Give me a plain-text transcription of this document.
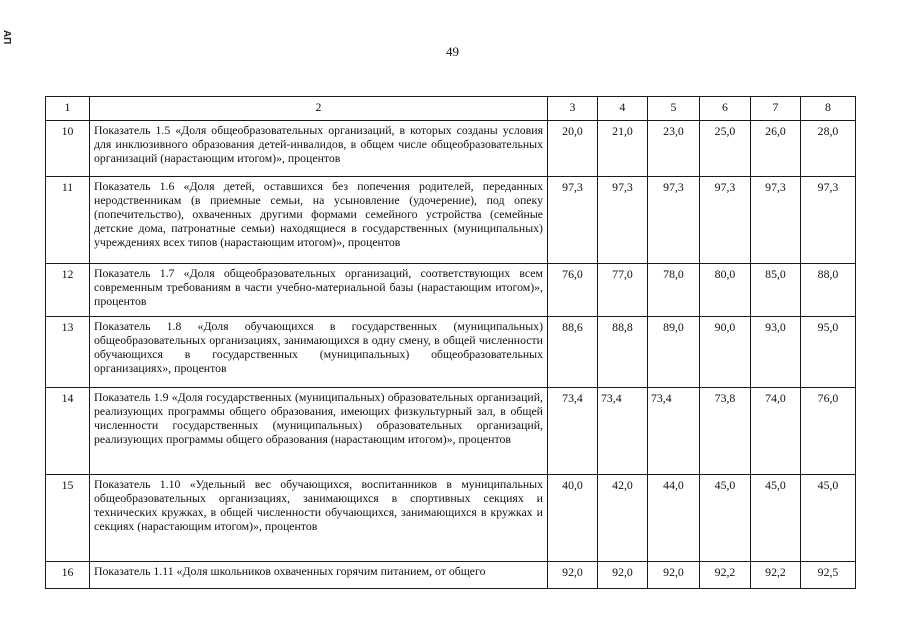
АП
49
1	2	3	4	5	6	7	8
10	Показатель 1.5 «Доля общеобразовательных организаций, в которых созданы условия для инклюзивного образования детей-инвалидов, в общем числе общеобразовательных организаций (нарастающим итогом)», процентов	20,0	21,0	23,0	25,0	26,0	28,0
11	Показатель 1.6 «Доля детей, оставшихся без попечения родителей, переданных неродственникам (в приемные семьи, на усыновление (удочерение), под опеку (попечительство), охваченных другими формами семейного устройства (семейные детские дома, патронатные семьи) находящиеся в государственных (муниципальных) учреждениях всех типов (нарастающим итогом)», процентов	97,3	97,3	97,3	97,3	97,3	97,3
12	Показатель 1.7 «Доля общеобразовательных организаций, соответствующих всем современным требованиям в части учебно-материальной базы (нарастающим итогом)», процентов	76,0	77,0	78,0	80,0	85,0	88,0
13	Показатель 1.8 «Доля обучающихся в государственных (муниципальных) общеобразовательных организациях, занимающихся в одну смену, в общей численности обучающихся в государственных (муниципальных) общеобразовательных организациях», процентов	88,6	88,8	89,0	90,0	93,0	95,0
14	Показатель 1.9 «Доля государственных (муниципальных) образовательных организаций, реализующих программы общего образования, имеющих физкультурный зал, в общей численности государственных (муниципальных) образовательных организаций, реализующих программы общего образования (нарастающим итогом)», процентов	73,4	73,4	73,4	73,8	74,0	76,0
15	Показатель 1.10 «Удельный вес обучающихся, воспитанников в муниципальных общеобразовательных организациях, занимающихся в спортивных секциях и технических кружках, в общей численности обучающихся, занимающихся в кружках и секциях (нарастающим итогом)», процентов	40,0	42,0	44,0	45,0	45,0	45,0
16	Показатель 1.11 «Доля школьников охваченных горячим питанием, от общего	92,0	92,0	92,0	92,2	92,2	92,5
